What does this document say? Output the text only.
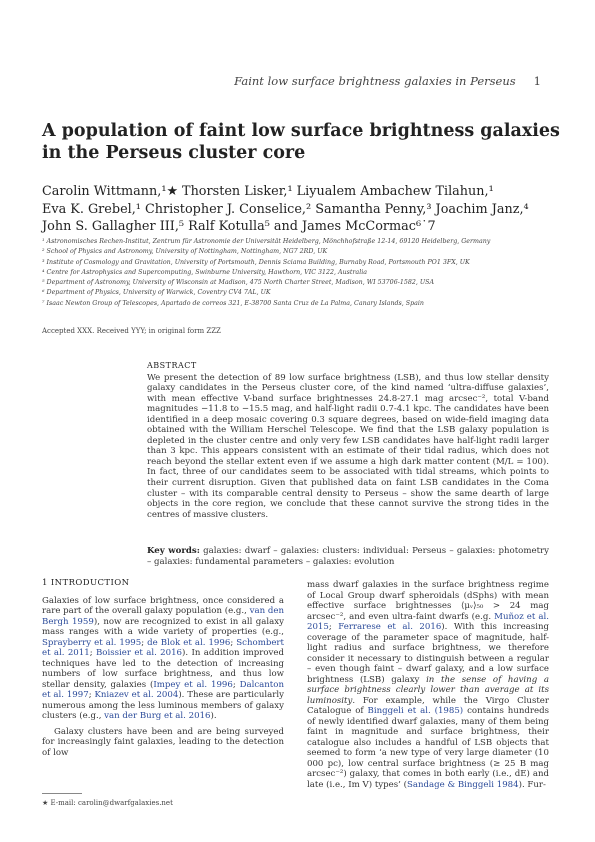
Faint low surface brightness galaxies in Perseus 1
A population of faint low surface brightness galaxies in the Perseus cluster core
Carolin Wittmann,¹★ Thorsten Lisker,¹ Liyualem Ambachew Tilahun,¹
Eva K. Grebel,¹ Christopher J. Conselice,² Samantha Penny,³ Joachim Janz,⁴
John S. Gallagher III,⁵ Ralf Kotulla⁵ and James McCormac⁶˙7
¹ Astronomisches Rechen-Institut, Zentrum für Astronomie der Universität Heidelberg, Mönchhofstraße 12-14, 69120 Heidelberg, Germany
² School of Physics and Astronomy, University of Nottingham, Nottingham, NG7 2RD, UK
³ Institute of Cosmology and Gravitation, University of Portsmouth, Dennis Sciama Building, Burnaby Road, Portsmouth PO1 3FX, UK
⁴ Centre for Astrophysics and Supercomputing, Swinburne University, Hawthorn, VIC 3122, Australia
⁵ Department of Astronomy, University of Wisconsin at Madison, 475 North Charter Street, Madison, WI 53706-1582, USA
⁶ Department of Physics, University of Warwick, Coventry CV4 7AL, UK
⁷ Isaac Newton Group of Telescopes, Apartado de correos 321, E-38700 Santa Cruz de La Palma, Canary Islands, Spain
Accepted XXX. Received YYY; in original form ZZZ
ABSTRACT

We present the detection of 89 low surface brightness (LSB), and thus low stellar density galaxy candidates in the Perseus cluster core, of the kind named ‘ultra-diffuse galaxies’, with mean effective V-band surface brightnesses 24.8-27.1 mag arcsec⁻², total V-band magnitudes −11.8 to −15.5 mag, and half-light radii 0.7-4.1 kpc. The candidates have been identified in a deep mosaic covering 0.3 square degrees, based on wide-field imaging data obtained with the William Herschel Telescope. We find that the LSB galaxy population is depleted in the cluster centre and only very few LSB candidates have half-light radii larger than 3 kpc. This appears consistent with an estimate of their tidal radius, which does not reach beyond the stellar extent even if we assume a high dark matter content (M/L = 100). In fact, three of our candidates seem to be associated with tidal streams, which points to their current disruption. Given that published data on faint LSB candidates in the Coma cluster – with its comparable central density to Perseus – show the same dearth of large objects in the core region, we conclude that these cannot survive the strong tides in the centres of massive clusters.

Key words: galaxies: dwarf – galaxies: clusters: individual: Perseus – galaxies: photometry – galaxies: fundamental parameters – galaxies: evolution
1 INTRODUCTION

Galaxies of low surface brightness, once considered a rare part of the overall galaxy population (e.g., van den Bergh 1959), now are recognized to exist in all galaxy mass ranges with a wide variety of properties (e.g., Sprayberry et al. 1995; de Blok et al. 1996; Schombert et al. 2011; Boissier et al. 2016). In addition improved techniques have led to the detection of increasing numbers of low surface brightness, and thus low stellar density, galaxies (Impey et al. 1996; Dalcanton et al. 1997; Kniazev et al. 2004). These are particularly numerous among the less luminous members of galaxy clusters (e.g., van der Burg et al. 2016).

Galaxy clusters have been and are being surveyed for increasingly faint galaxies, leading to the detection of low

mass dwarf galaxies in the surface brightness regime of Local Group dwarf spheroidals (dSphs) with mean effective surface brightnesses ⟨μᵥ⟩₅₀ > 24 mag arcsec⁻², and even ultra-faint dwarfs (e.g. Muñoz et al. 2015; Ferrarese et al. 2016). With this increasing coverage of the parameter space of magnitude, half-light radius and surface brightness, we therefore consider it necessary to distinguish between a regular – even though faint – dwarf galaxy, and a low surface brightness (LSB) galaxy in the sense of having a surface brightness clearly lower than average at its luminosity. For example, while the Virgo Cluster Catalogue of Binggeli et al. (1985) contains hundreds of newly identified dwarf galaxies, many of them being faint in magnitude and surface brightness, their catalogue also includes a handful of LSB objects that seemed to form ‘a new type of very large diameter (10 000 pc), low central surface brightness (≥ 25 B mag arcsec⁻²) galaxy, that comes in both early (i.e., dE) and late (i.e., Im V) types’ (Sandage & Binggeli 1984). Fur-

★ E-mail: carolin@dwarfgalaxies.net
